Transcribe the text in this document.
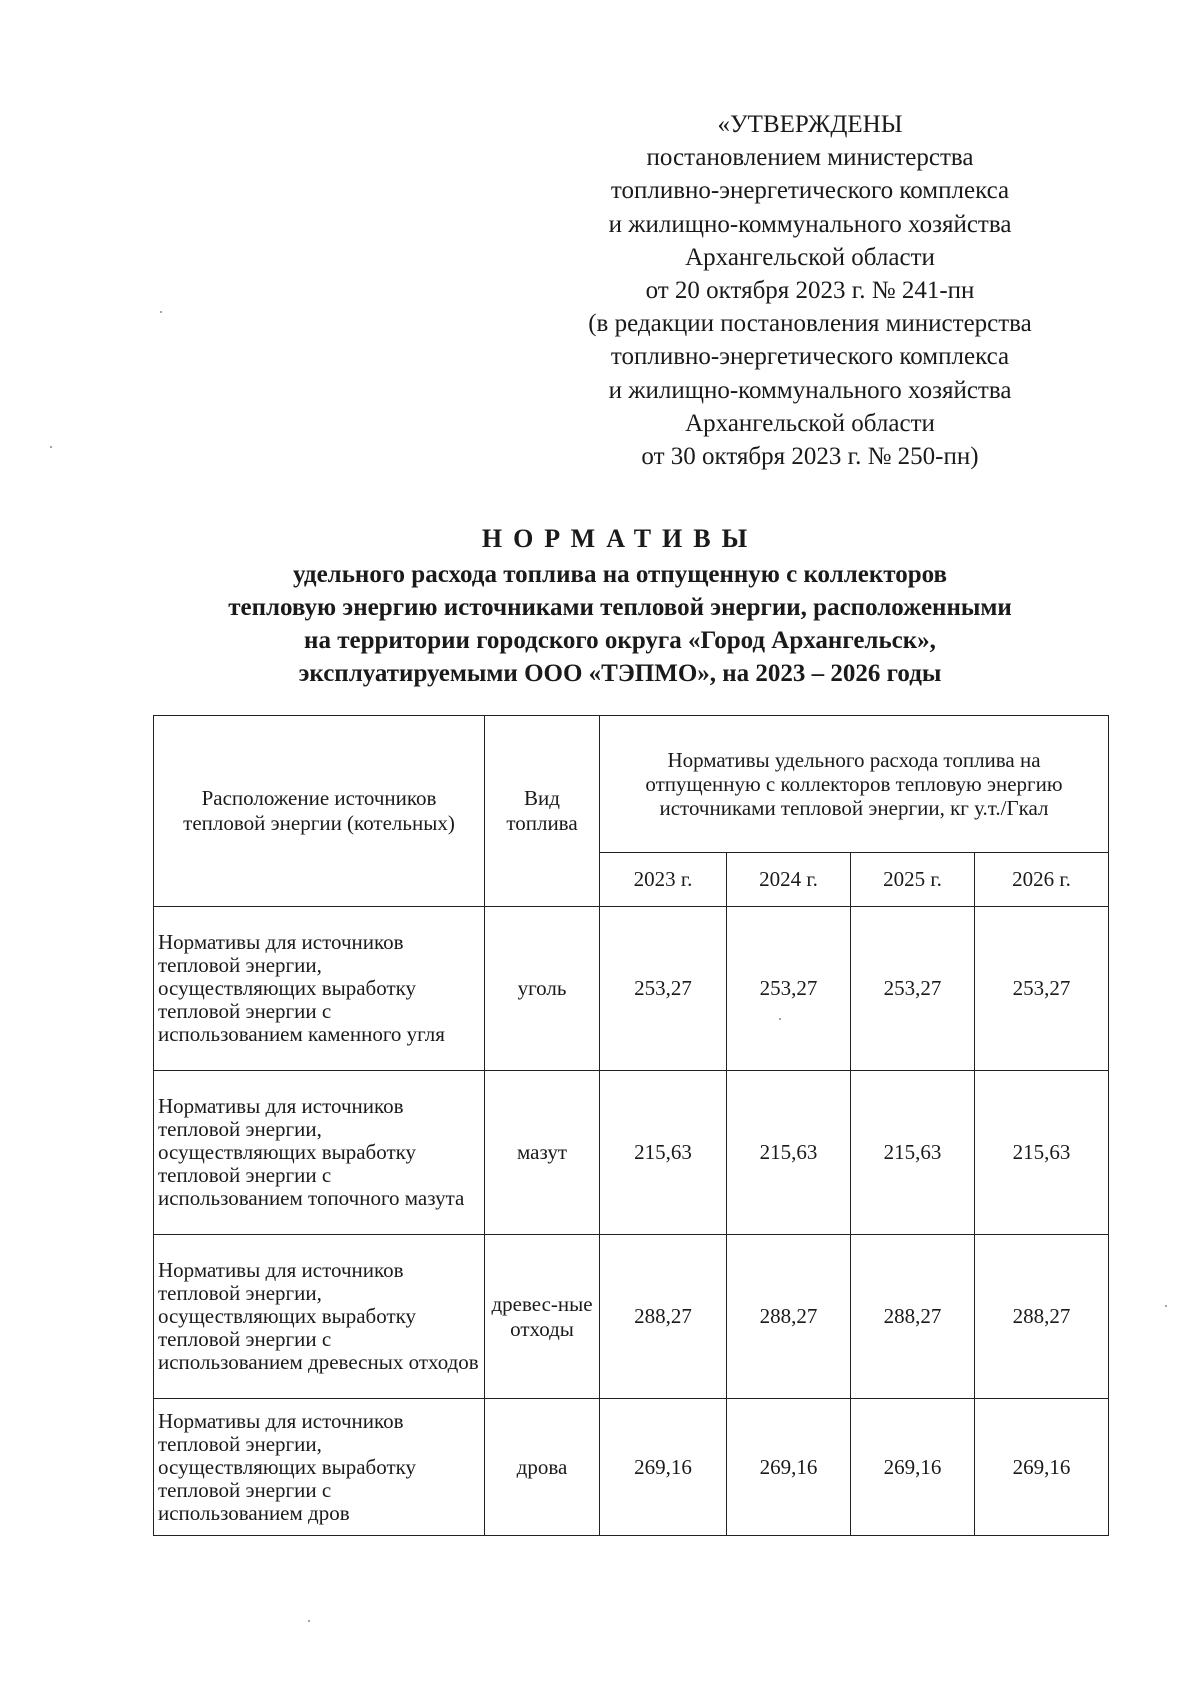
«УТВЕРЖДЕНЫ
постановлением министерства
топливно-энергетического комплекса
и жилищно-коммунального хозяйства
Архангельской области
от 20 октября 2023 г. № 241-пн
(в редакции постановления министерства
топливно-энергетического комплекса
и жилищно-коммунального хозяйства
Архангельской области
от 30 октября 2023 г. № 250-пн)
НОРМАТИВЫ
удельного расхода топлива на отпущенную с коллекторов
тепловую энергию источниками тепловой энергии, расположенными
на территории городского округа «Город Архангельск»,
эксплуатируемыми ООО «ТЭПМО», на 2023 – 2026 годы
Расположение источников тепловой энергии (котельных)	Вид топлива	Нормативы удельного расхода топлива на отпущенную с коллекторов тепловую энергию источниками тепловой энергии, кг у.т./Гкал			
		2023 г.	2024 г.	2025 г.	2026 г.
Нормативы для источников тепловой энергии, осуществляющих выработку тепловой энергии с использованием каменного угля	уголь	253,27	253,27	253,27	253,27
Нормативы для источников тепловой энергии, осуществляющих выработку тепловой энергии с использованием топочного мазута	мазут	215,63	215,63	215,63	215,63
Нормативы для источников тепловой энергии, осуществляющих выработку тепловой энергии с использованием древесных отходов	древес-ные отходы	288,27	288,27	288,27	288,27
Нормативы для источников тепловой энергии, осуществляющих выработку тепловой энергии с использованием дров	дрова	269,16	269,16	269,16	269,16
